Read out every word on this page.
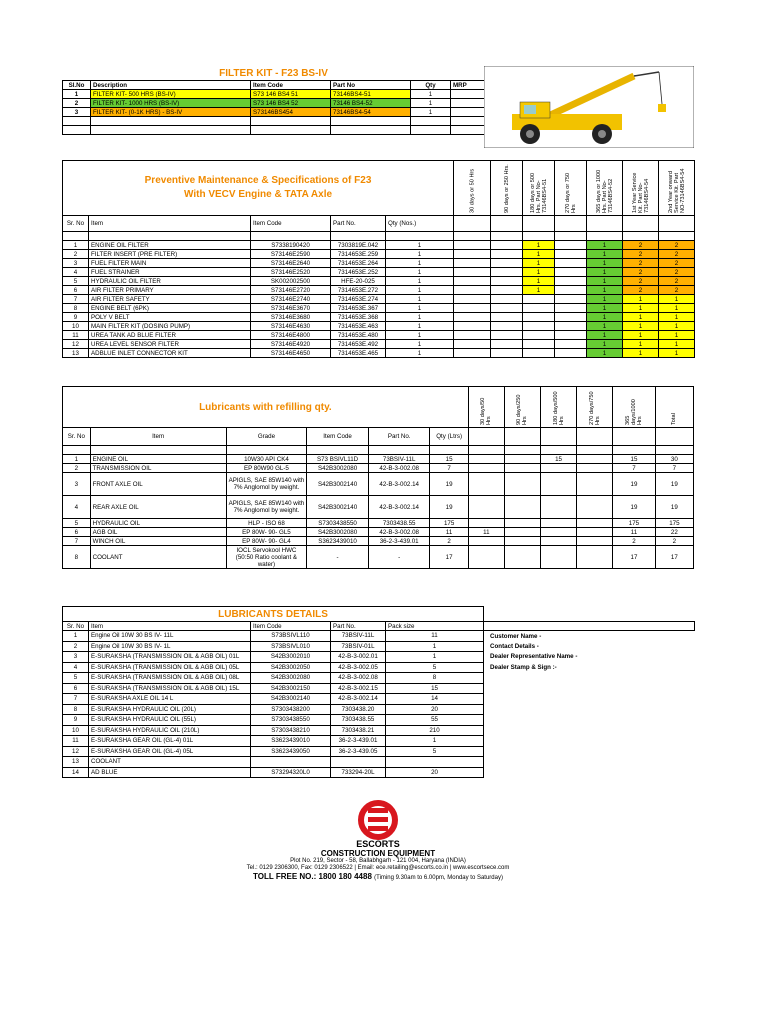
FILTER KIT - F23 BS-IV					
Sl.No	Description	Item Code	Part No	Qty	MRP
1	FILTER KIT- 500 HRS (BS-IV)	S73 146 BS4 51	73146BS4-51	1	
2	FILTER KIT- 1000 HRS (BS-IV)	S73 146 BS4 52	73146 BS4-52	1	
3	FILTER KIT- (0-1K HRS) - BS-IV	S73146BS454	73146BS4-54	1	

Preventive Maintenance & Specifications of F23
With VECV Engine & TATA Axle					30 days or 50 Hrs	90 days or 250 Hrs.	180 days or 500 Hrs. Part No-73146BS4-51	270 days or 750 Hrs	365 days or 1000 Hrs. Part No-73146BS4-52	1st Year Service Kit. Part No-73146BS4-54	2nd Year onward Service Kit. Part NO-73146BS4-54

Sr. No	Item	Item Code	Part No.	Qty (Nos.)							

1	ENGINE OIL FILTER	S7338190420	7303819E.042	1			1		1	2	2
2	FILTER INSERT (PRE FILTER)	S73146E2590	7314653E.259	1			1		1	2	2
3	FUEL FILTER MAIN	S73146E2640	7314653E.264	1			1		1	2	2
4	FUEL STRAINER	S73146E2520	7314653E.252	1			1		1	2	2
5	HYDRAULIC OIL FILTER	SK002002500	HFE-20-025	1			1		1	2	2
6	AIR FILTER PRIMARY	S73146E2720	7314653E.272	1			1		1	2	2
7	AIR FILTER SAFETY	S73146E2740	7314653E.274	1					1	1	1
8	ENGINE BELT (6PK)	S73146E3670	7314653E.367	1					1	1	1
9	POLY V BELT	S73146E3680	7314653E.368	1					1	1	1
10	MAIN FILTER KIT (DOSING PUMP)	S73146E4630	7314653E.463	1					1	1	1
11	UREA TANK AD BLUE FILTER	S73146E4800	7314653E.480	1					1	1	1
12	UREA LEVEL SENSOR FILTER	S73146E4920	7314653E.492	1					1	1	1
13	ADBLUE INLET CONNECTOR KIT	S73146E4650	7314653E.465	1					1	1	1
Lubricants with refilling qty.						30 days/50 Hrs	90 days/250 Hrs	180 days/500 Hrs	270 days/750 Hrs	365 days/1000 Hrs	Total
Sr. No	Item	Grade	Item Code	Part No.	Qty (Ltrs)						

1	ENGINE OIL	10W30 API CK4	S73 BSIVL11D	73BSIV-11L	15			15		15	30
2	TRANSMISSION OIL	EP 80W90 GL-5	S42B3002080	42-B-3-002.08	7					7	7
3	FRONT AXLE OIL	APIGLS, SAE 85W140 with 7% Anglomol by weight.	S42B3002140	42-B-3-002.14	19					19	19
4	REAR AXLE OIL	APIGLS, SAE 85W140 with 7% Anglomol by weight.	S42B3002140	42-B-3-002.14	19					19	19
5	HYDRAULIC OIL	HLP - ISO 68	S7303438550	7303438.55	175					175	175
6	AGB OIL	EP 80W- 90- GL5	S42B3002080	42-B-3-002.08	11	11				11	22
7	WINCH OIL	EP 80W- 90- GL4	S3623439010	36-2-3-439.01	2					2	2
8	COOLANT	IOCL Servokool HWC (50:50 Ratio coolant & water)	-	-	17					17	17
LUBRICANTS DETAILS					
Sr. No	Item	Item Code	Part No.	Pack size	
1	Engine Oil 10W 30 BS IV- 11L	S73BSIVL110	73BSIV-11L	11	Customer Name -
2	Engine Oil 10W 30 BS IV- 1L	S73BSIVL010	73BSIV-01L	1	Contact Details -
3	E-SURAKSHA (TRANSMISSION OIL & AGB OIL) 01L	S42B3002010	42-B-3-002.01	1	Dealer Representative Name -
4	E-SURAKSHA (TRANSMISSION OIL & AGB OIL) 05L	S42B3002050	42-B-3-002.05	5	Dealer Stamp & Sign :-
5	E-SURAKSHA (TRANSMISSION OIL & AGB OIL) 08L	S42B3002080	42-B-3-002.08	8	
6	E-SURAKSHA (TRANSMISSION OIL & AGB OIL) 15L	S42B3002150	42-B-3-002.15	15	
7	E-SURAKSHA AXLE OIL 14 L	S42B3002140	42-B-3-002.14	14	
8	E-SURAKSHA HYDRAULIC OIL (20L)	S7303438200	7303438.20	20	
9	E-SURAKSHA HYDRAULIC OIL (55L)	S7303438550	7303438.55	55	
10	E-SURAKSHA HYDRAULIC OIL (210L)	S7303438210	7303438.21	210	
11	E-SURAKSHA GEAR OIL (GL-4) 01L	S3623439010	36-2-3-439.01	1	
12	E-SURAKSHA GEAR OIL (GL-4) 05L	S3623439050	36-2-3-439.05	5	
13	COOLANT				
14	AD BLUE	S73294320L0	733294-20L	20	
ESCORTS
CONSTRUCTION EQUIPMENT
Plot No. 219, Sector - 58, Ballabhgarh - 121 004, Haryana (INDIA)
Tel.: 0129 2306300, Fax: 0129 2306522 | Email: ece.retailing@escorts.co.in | www.escortsece.com
TOLL FREE NO.: 1800 180 4488 (Timing 9.30am to 6.00pm, Monday to Saturday)
